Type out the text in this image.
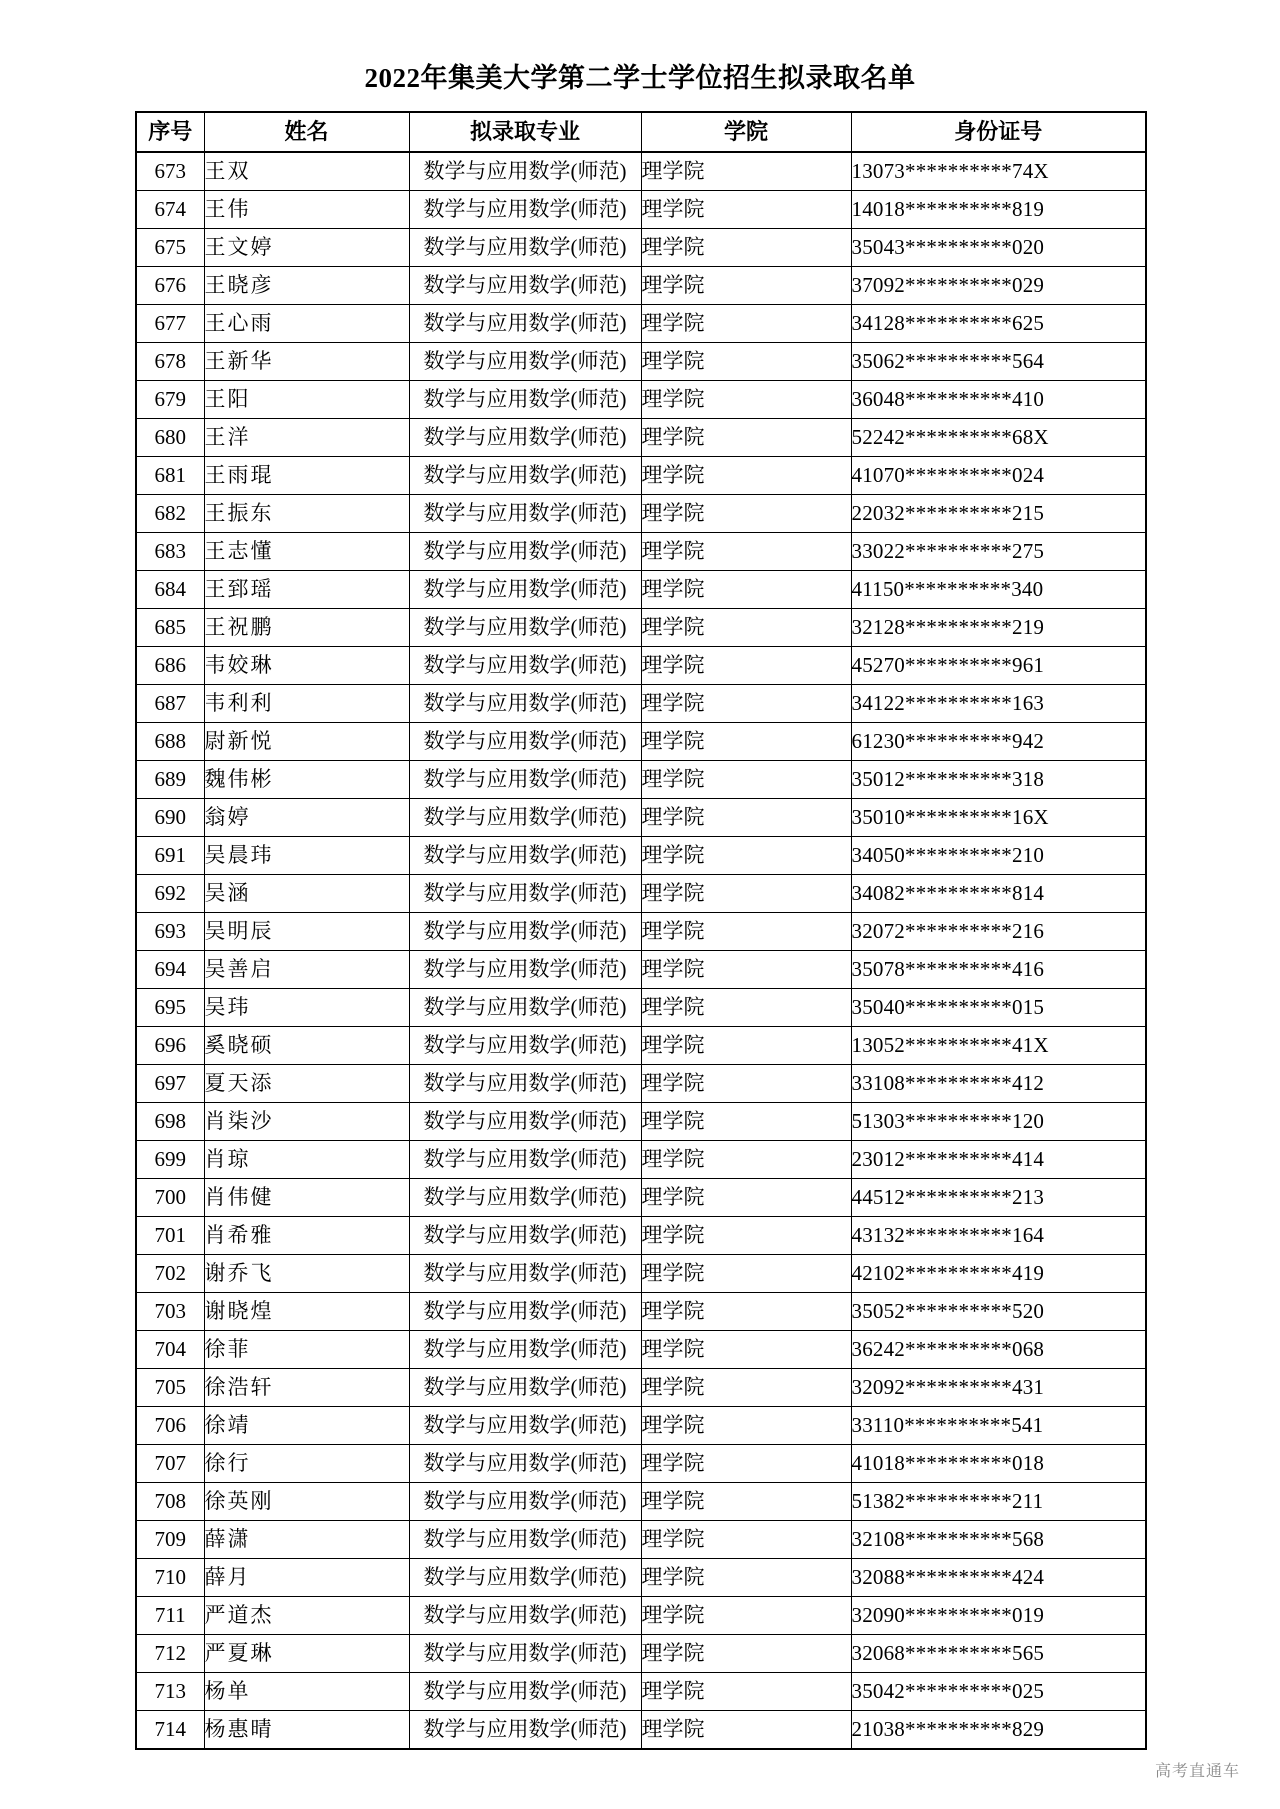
2022年集美大学第二学士学位招生拟录取名单
序号	姓名	拟录取专业	学院	身份证号
673	王双	数学与应用数学(师范)	理学院	13073**********74X
674	王伟	数学与应用数学(师范)	理学院	14018**********819
675	王文婷	数学与应用数学(师范)	理学院	35043**********020
676	王晓彦	数学与应用数学(师范)	理学院	37092**********029
677	王心雨	数学与应用数学(师范)	理学院	34128**********625
678	王新华	数学与应用数学(师范)	理学院	35062**********564
679	王阳	数学与应用数学(师范)	理学院	36048**********410
680	王洋	数学与应用数学(师范)	理学院	52242**********68X
681	王雨琨	数学与应用数学(师范)	理学院	41070**********024
682	王振东	数学与应用数学(师范)	理学院	22032**********215
683	王志懂	数学与应用数学(师范)	理学院	33022**********275
684	王郅瑶	数学与应用数学(师范)	理学院	41150**********340
685	王祝鹏	数学与应用数学(师范)	理学院	32128**********219
686	韦姣琳	数学与应用数学(师范)	理学院	45270**********961
687	韦利利	数学与应用数学(师范)	理学院	34122**********163
688	尉新悦	数学与应用数学(师范)	理学院	61230**********942
689	魏伟彬	数学与应用数学(师范)	理学院	35012**********318
690	翁婷	数学与应用数学(师范)	理学院	35010**********16X
691	吴晨玮	数学与应用数学(师范)	理学院	34050**********210
692	吴涵	数学与应用数学(师范)	理学院	34082**********814
693	吴明辰	数学与应用数学(师范)	理学院	32072**********216
694	吴善启	数学与应用数学(师范)	理学院	35078**********416
695	吴玮	数学与应用数学(师范)	理学院	35040**********015
696	奚晓硕	数学与应用数学(师范)	理学院	13052**********41X
697	夏天添	数学与应用数学(师范)	理学院	33108**********412
698	肖柒沙	数学与应用数学(师范)	理学院	51303**********120
699	肖琼	数学与应用数学(师范)	理学院	23012**********414
700	肖伟健	数学与应用数学(师范)	理学院	44512**********213
701	肖希雅	数学与应用数学(师范)	理学院	43132**********164
702	谢乔飞	数学与应用数学(师范)	理学院	42102**********419
703	谢晓煌	数学与应用数学(师范)	理学院	35052**********520
704	徐菲	数学与应用数学(师范)	理学院	36242**********068
705	徐浩轩	数学与应用数学(师范)	理学院	32092**********431
706	徐靖	数学与应用数学(师范)	理学院	33110**********541
707	徐行	数学与应用数学(师范)	理学院	41018**********018
708	徐英刚	数学与应用数学(师范)	理学院	51382**********211
709	薛潇	数学与应用数学(师范)	理学院	32108**********568
710	薛月	数学与应用数学(师范)	理学院	32088**********424
711	严道杰	数学与应用数学(师范)	理学院	32090**********019
712	严夏琳	数学与应用数学(师范)	理学院	32068**********565
713	杨单	数学与应用数学(师范)	理学院	35042**********025
714	杨惠晴	数学与应用数学(师范)	理学院	21038**********829
高考直通车
